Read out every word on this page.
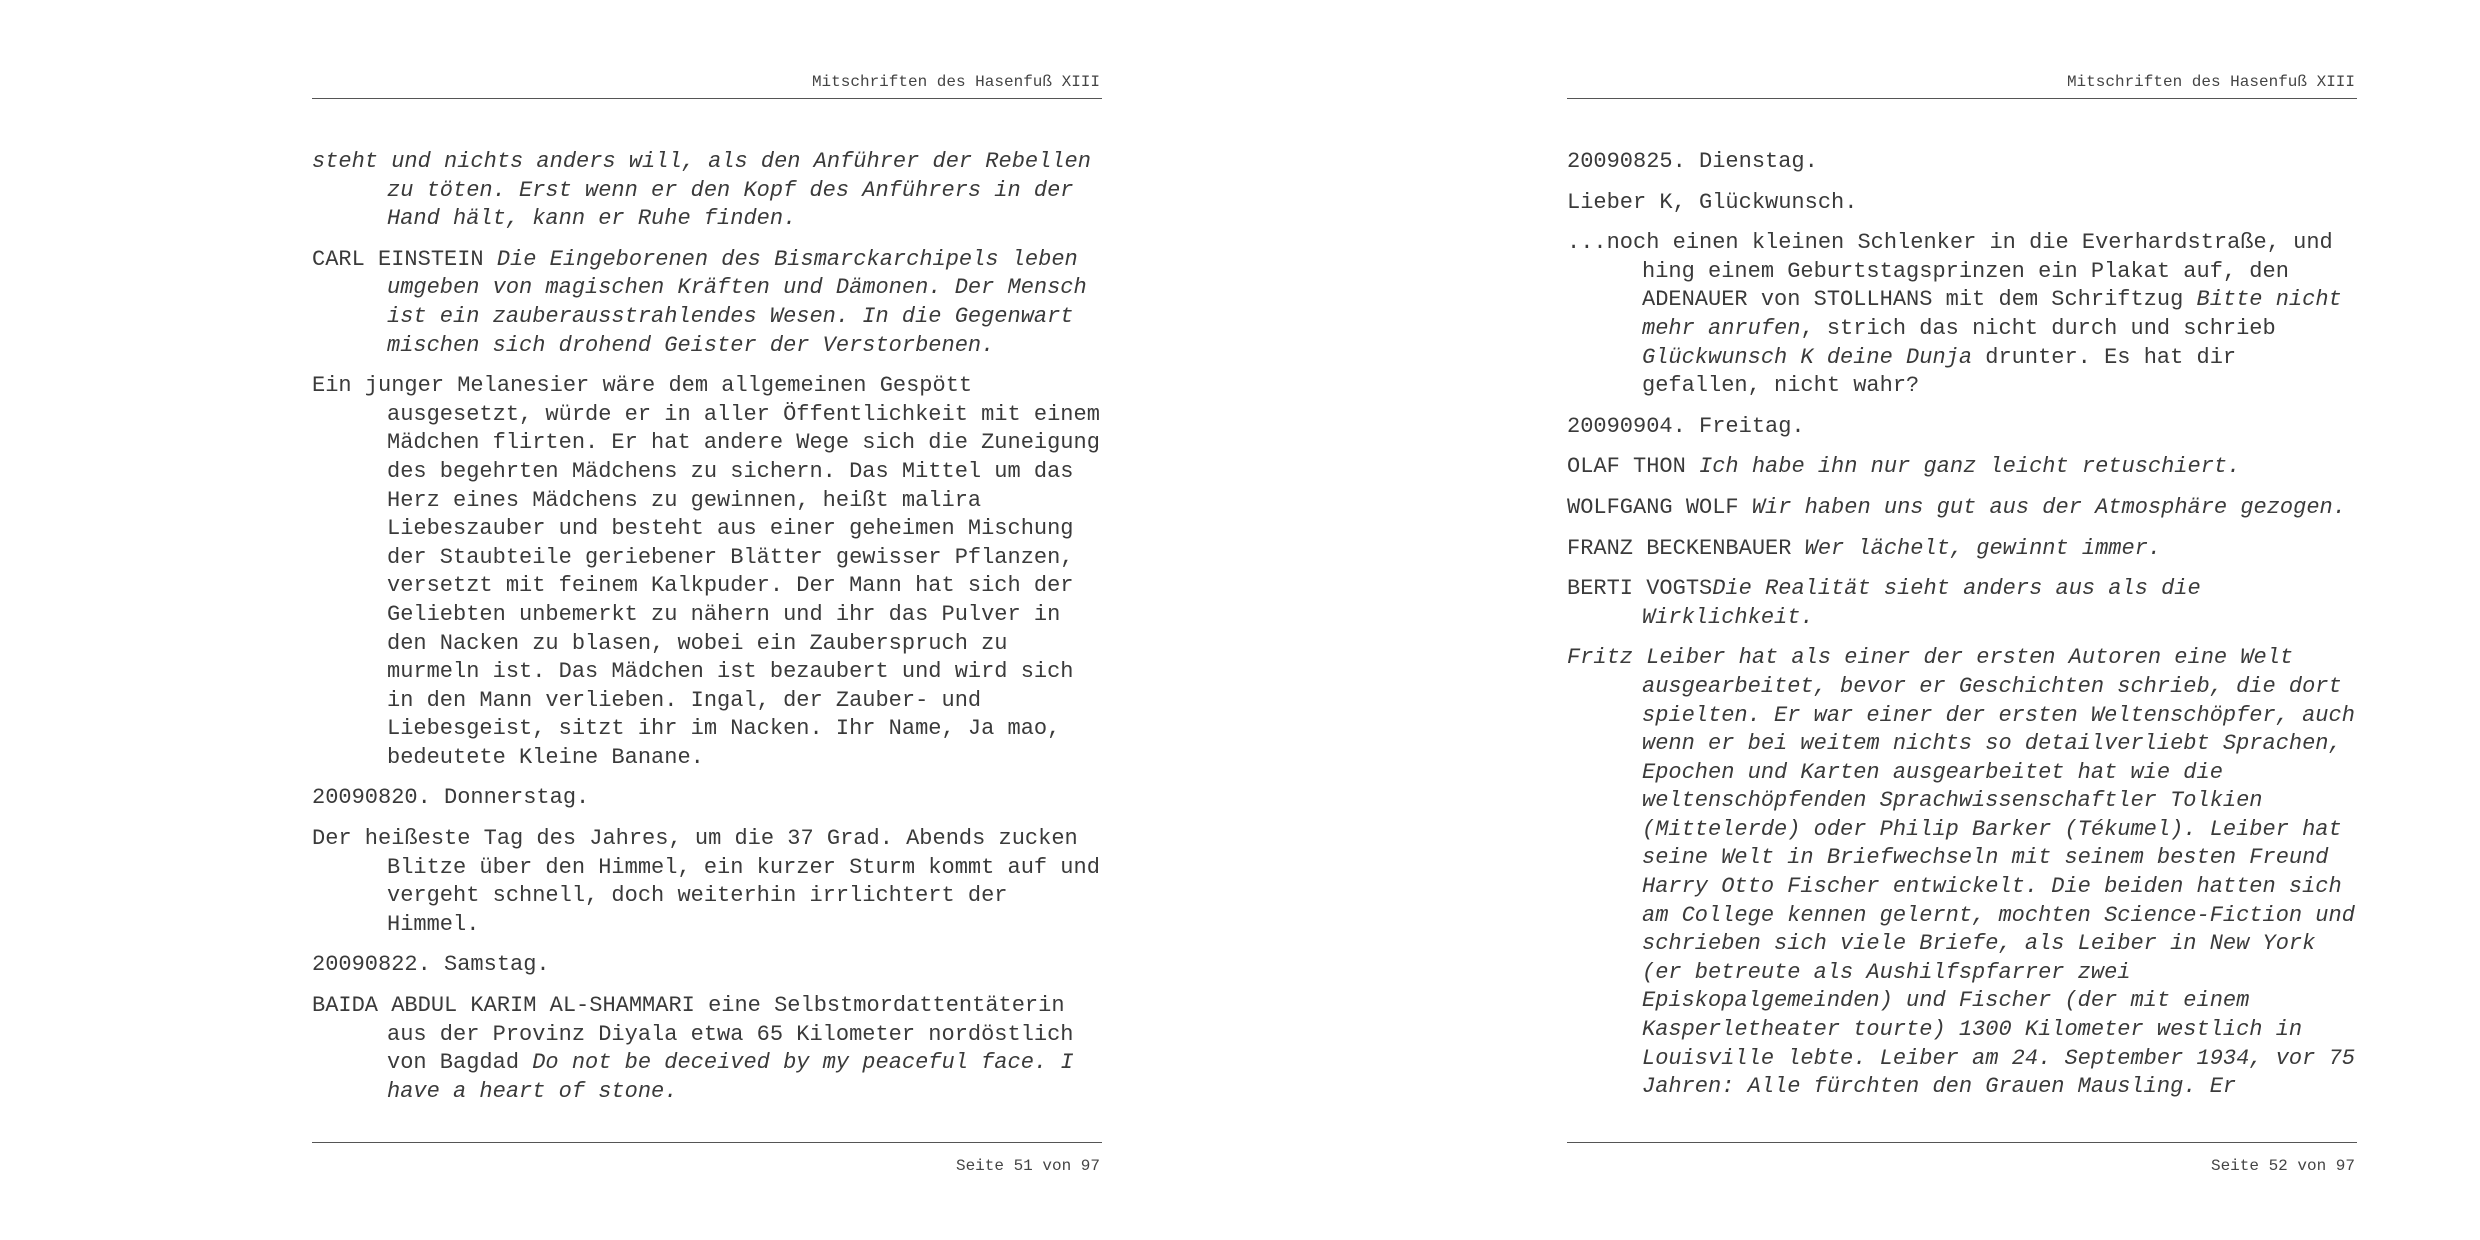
Mitschriften des Hasenfuß XIII

steht und nichts anders will, als den Anführer der Rebellen zu töten. Erst wenn er den Kopf des Anführers in der Hand hält, kann er Ruhe finden.

CARL EINSTEIN Die Eingeborenen des Bismarckarchipels leben umgeben von magischen Kräften und Dämonen. Der Mensch ist ein zauberausstrahlendes Wesen. In die Gegenwart mischen sich drohend Geister der Verstorbenen.

Ein junger Melanesier wäre dem allgemeinen Gespött ausgesetzt, würde er in aller Öffentlichkeit mit einem Mädchen flirten. Er hat andere Wege sich die Zuneigung des begehrten Mädchens zu sichern. Das Mittel um das Herz eines Mädchens zu gewinnen, heißt malira Liebeszauber und besteht aus einer geheimen Mischung der Staubteile geriebener Blätter gewisser Pflanzen, versetzt mit feinem Kalkpuder. Der Mann hat sich der Geliebten unbemerkt zu nähern und ihr das Pulver in den Nacken zu blasen, wobei ein Zauberspruch zu murmeln ist. Das Mädchen ist bezaubert und wird sich in den Mann verlieben. Ingal, der Zauber- und Liebesgeist, sitzt ihr im Nacken. Ihr Name, Ja mao, bedeutete Kleine Banane.

20090820. Donnerstag.

Der heißeste Tag des Jahres, um die 37 Grad. Abends zucken Blitze über den Himmel, ein kurzer Sturm kommt auf und vergeht schnell, doch weiterhin irrlichtert der Himmel.

20090822. Samstag.

BAIDA ABDUL KARIM AL-SHAMMARI eine Selbstmordattentäterin aus der Provinz Diyala etwa 65 Kilometer nordöstlich von Bagdad Do not be deceived by my peaceful face. I have a heart of stone.

Seite 51 von 97
Mitschriften des Hasenfuß XIII

20090825. Dienstag.

Lieber K, Glückwunsch.

...noch einen kleinen Schlenker in die Everhardstraße, und hing einem Geburtstagsprinzen ein Plakat auf, den ADENAUER von STOLLHANS mit dem Schriftzug Bitte nicht mehr anrufen, strich das nicht durch und schrieb Glückwunsch K deine Dunja drunter. Es hat dir gefallen, nicht wahr?

20090904. Freitag.

OLAF THON Ich habe ihn nur ganz leicht retuschiert.

WOLFGANG WOLF Wir haben uns gut aus der Atmosphäre gezogen.

FRANZ BECKENBAUER Wer lächelt, gewinnt immer.

BERTI VOGTSDie Realität sieht anders aus als die Wirklichkeit.

Fritz Leiber hat als einer der ersten Autoren eine Welt ausgearbeitet, bevor er Geschichten schrieb, die dort spielten. Er war einer der ersten Weltenschöpfer, auch wenn er bei weitem nichts so detailverliebt Sprachen, Epochen und Karten ausgearbeitet hat wie die weltenschöpfenden Sprachwissenschaftler Tolkien (Mittelerde) oder Philip Barker (Tékumel). Leiber hat seine Welt in Briefwechseln mit seinem besten Freund Harry Otto Fischer entwickelt. Die beiden hatten sich am College kennen gelernt, mochten Science-Fiction und schrieben sich viele Briefe, als Leiber in New York (er betreute als Aushilfspfarrer zwei Episkopalgemeinden) und Fischer (der mit einem Kasperletheater tourte) 1300 Kilometer westlich in Louisville lebte. Leiber am 24. September 1934, vor 75 Jahren: Alle fürchten den Grauen Mausling. Er

Seite 52 von 97
